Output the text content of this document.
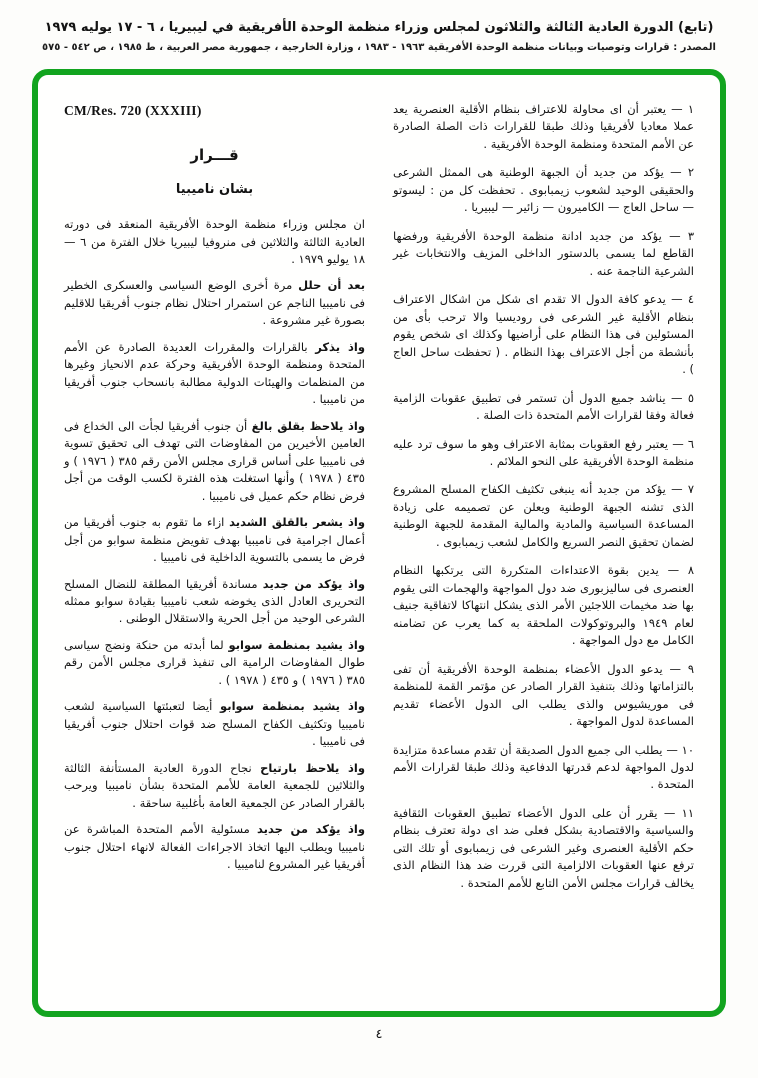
(تابع) الدورة العادية الثالثة والثلاثون لمجلس وزراء منظمة الوحدة الأفريقية في ليبيريا ، ٦ - ١٧ يوليه ١٩٧٩
المصدر : قرارات وتوصيات وبيانات منظمة الوحدة الأفريقية ١٩٦٣ - ١٩٨٣ ، وزارة الخارجية ، جمهورية مصر العربية ، ط ١٩٨٥ ، ص ٥٤٢ - ٥٧٥
١ — يعتبر أن اى محاولة للاعتراف بنظام الأقلية العنصرية يعد عملا معاديا لأفريقيا وذلك طبقا للقرارات ذات الصلة الصادرة عن الأمم المتحدة ومنظمة الوحدة الأفريقية .
٢ — يؤكد من جديد أن الجبهة الوطنية هى الممثل الشرعى والحقيقى الوحيد لشعوب زيمبابوى . تحفظت كل من : ليسوتو — ساحل العاج — الكاميرون — زائير — ليبيريا .
٣ — يؤكد من جديد ادانة منظمة الوحدة الأفريقية ورفضها القاطع لما يسمى بالدستور الداخلى المزيف والانتخابات غير الشرعية الناجمة عنه .
٤ — يدعو كافة الدول الا تقدم اى شكل من اشكال الاعتراف بنظام الأقلية غير الشرعى فى روديسيا والا ترحب بأى من المسئولين فى هذا النظام على أراضيها وكذلك اى شخص يقوم بأنشطة من أجل الاعتراف بهذا النظام . ( تحفظت ساحل العاج ) .
٥ — يناشد جميع الدول أن تستمر فى تطبيق عقوبات الزامية فعالة وفقا لقرارات الأمم المتحدة ذات الصلة .
٦ — يعتبر رفع العقوبات بمثابة الاعتراف وهو ما سوف ترد عليه منظمة الوحدة الأفريقية على النحو الملائم .
٧ — يؤكد من جديد أنه ينبغى تكثيف الكفاح المسلح المشروع الذى تشنه الجبهة الوطنية ويعلن عن تصميمه على زيادة المساعدة السياسية والمادية والمالية المقدمة للجبهة الوطنية لضمان تحقيق النصر السريع والكامل لشعب زيمبابوى .
٨ — يدين بقوة الاعتداءات المتكررة التى يرتكبها النظام العنصرى فى ساليزبورى ضد دول المواجهة والهجمات التى يقوم بها ضد مخيمات اللاجئين الأمر الذى يشكل انتهاكا لاتفاقية جنيف لعام ١٩٤٩ والبروتوكولات الملحقة به كما يعرب عن تضامنه الكامل مع دول المواجهة .
٩ — يدعو الدول الأعضاء بمنظمة الوحدة الأفريقية أن تفى بالتزاماتها وذلك بتنفيذ القرار الصادر عن مؤتمر القمة للمنظمة فى موريشيوس والذى يطلب الى الدول الأعضاء تقديم المساعدة لدول المواجهة .
١٠ — يطلب الى جميع الدول الصديقة أن تقدم مساعدة متزايدة لدول المواجهة لدعم قدرتها الدفاعية وذلك طبقا لقرارات الأمم المتحدة .
١١ — يقرر أن على الدول الأعضاء تطبيق العقوبات الثقافية والسياسية والاقتصادية بشكل فعلى ضد اى دولة تعترف بنظام حكم الأقلية العنصرى وغير الشرعى فى زيمبابوى أو تلك التى ترفع عنها العقوبات الالزامية التى قررت ضد هذا النظام الذى يخالف قرارات مجلس الأمن التابع للأمم المتحدة .
CM/Res. 720 (XXXIII)
قـــرار
بشان ناميبيا

ان مجلس وزراء منظمة الوحدة الأفريقية المنعقد فى دورته العادية الثالثة والثلاثين فى منروفيا ليبيريا خلال الفترة من ٦ — ١٨ يوليو ١٩٧٩ .

بعد أن حلل مرة أخرى الوضع السياسى والعسكرى الخطير فى ناميبيا الناجم عن استمرار احتلال نظام جنوب أفريقيا للاقليم بصورة غير مشروعة .

واذ يذكر بالقرارات والمقررات العديدة الصادرة عن الأمم المتحدة ومنظمة الوحدة الأفريقية وحركة عدم الانحياز وغيرها من المنظمات والهيئات الدولية مطالبة بانسحاب جنوب أفريقيا من ناميبيا .

واذ يلاحظ بقلق بالغ أن جنوب أفريقيا لجأت الى الخداع فى العامين الأخيرين من المفاوضات التى تهدف الى تحقيق تسوية فى ناميبيا على أساس قرارى مجلس الأمن رقم ٣٨٥ ( ١٩٧٦ ) و ٤٣٥ ( ١٩٧٨ ) وأنها استغلت هذه الفترة لكسب الوقت من أجل فرض نظام حكم عميل فى ناميبيا .

واذ يشعر بالقلق الشديد ازاء ما تقوم به جنوب أفريقيا من أعمال اجرامية فى ناميبيا بهدف تفويض منظمة سوابو من أجل فرض ما يسمى بالتسوية الداخلية فى ناميبيا .

واذ يؤكد من جديد مساندة أفريقيا المطلقة للنضال المسلح التحريرى العادل الذى يخوضه شعب ناميبيا بقيادة سوابو ممثله الشرعى الوحيد من أجل الحرية والاستقلال الوطنى .

واذ يشيد بمنظمة سوابو لما أبدته من حنكة ونضج سياسى طوال المفاوضات الرامية الى تنفيذ قرارى مجلس الأمن رقم ٣٨٥ ( ١٩٧٦ ) و ٤٣٥ ( ١٩٧٨ ) .

واذ يشيد بمنظمة سوابو أيضا لتعبئتها السياسية لشعب ناميبيا وتكثيف الكفاح المسلح ضد قوات احتلال جنوب أفريقيا فى ناميبيا .

واذ يلاحظ بارتياح نجاح الدورة العادية المستأنفة الثالثة والثلاثين للجمعية العامة للأمم المتحدة بشأن ناميبيا ويرحب بالقرار الصادر عن الجمعية العامة بأغلبية ساحقة .

واذ يؤكد من جديد مسئولية الأمم المتحدة المباشرة عن ناميبيا ويطلب اليها اتخاذ الاجراءات الفعالة لانهاء احتلال جنوب أفريقيا غير المشروع لناميبيا .

٤
